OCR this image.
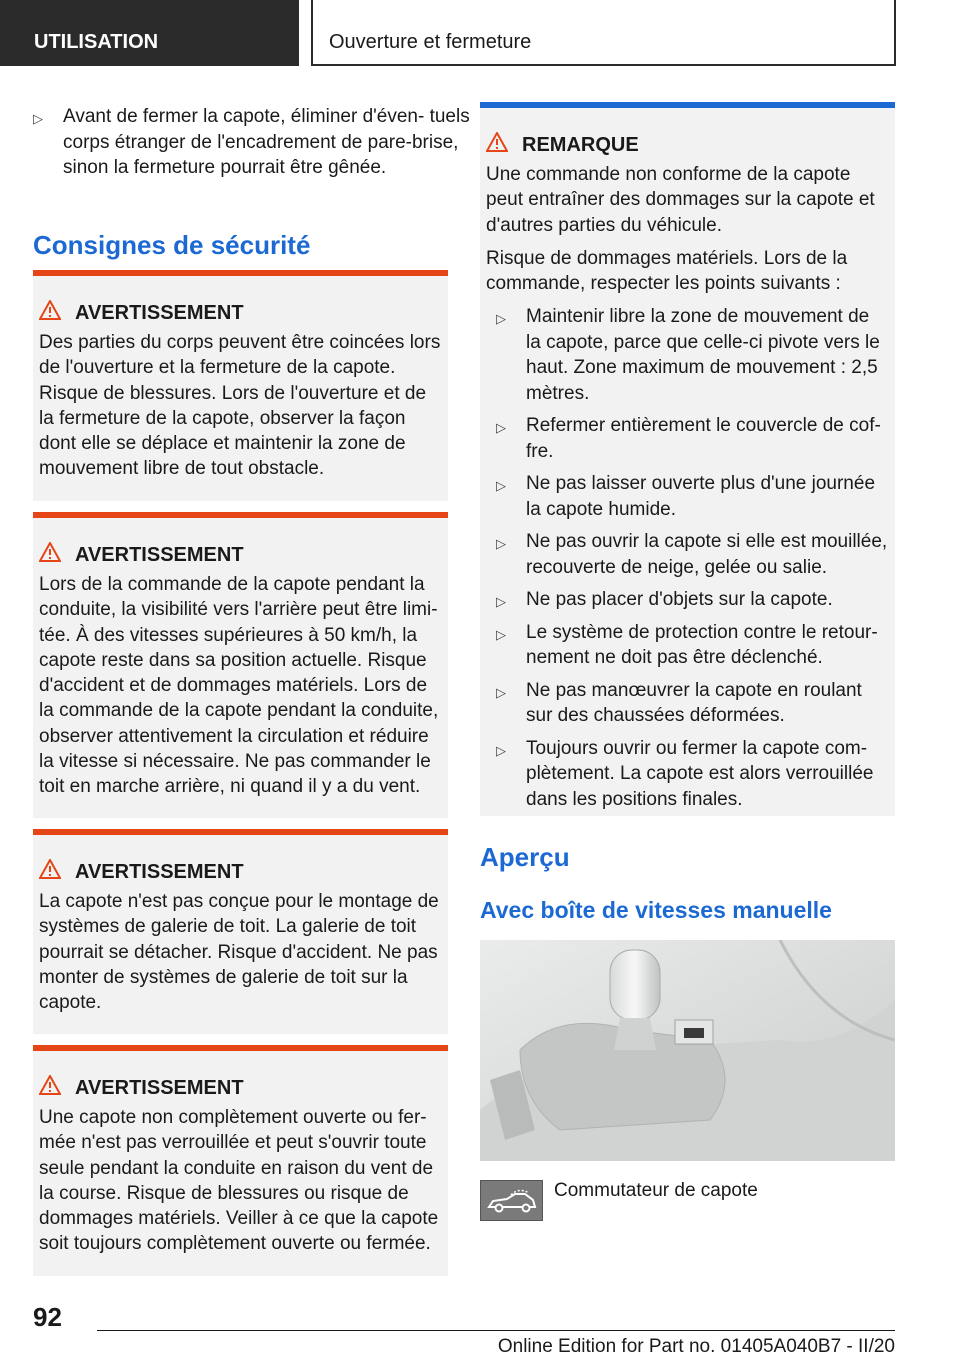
UTILISATION	Ouverture et fermeture
▷ Avant de fermer la capote, éliminer d'éven- tuels corps étranger de l'encadrement de pare-brise, sinon la fermeture pourrait être gênée.
Consignes de sécurité
AVERTISSEMENT

Des parties du corps peuvent être coincées lors de l'ouverture et la fermeture de la capote. Risque de blessures. Lors de l'ouverture et de la fermeture de la capote, observer la façon dont elle se déplace et maintenir la zone de mouvement libre de tout obstacle.

AVERTISSEMENT

Lors de la commande de la capote pendant la conduite, la visibilité vers l'arrière peut être limi- tée. À des vitesses supérieures à 50 km/h, la capote reste dans sa position actuelle. Risque d'accident et de dommages matériels. Lors de la commande de la capote pendant la conduite, observer attentivement la circulation et réduire la vitesse si nécessaire. Ne pas commander le toit en marche arrière, ni quand il y a du vent.

AVERTISSEMENT

La capote n'est pas conçue pour le montage de systèmes de galerie de toit. La galerie de toit pourrait se détacher. Risque d'accident. Ne pas monter de systèmes de galerie de toit sur la capote.

AVERTISSEMENT

Une capote non complètement ouverte ou fer- mée n'est pas verrouillée et peut s'ouvrir toute seule pendant la conduite en raison du vent de la course. Risque de blessures ou risque de dommages matériels. Veiller à ce que la capote soit toujours complètement ouverte ou fermée.

REMARQUE

Une commande non conforme de la capote peut entraîner des dommages sur la capote et d'autres parties du véhicule.

Risque de dommages matériels. Lors de la commande, respecter les points suivants :

▷ Maintenir libre la zone de mouvement de la capote, parce que celle-ci pivote vers le haut. Zone maximum de mouvement : 2,5 mètres.
▷ Refermer entièrement le couvercle de cof- fre.
▷ Ne pas laisser ouverte plus d'une journée la capote humide.
▷ Ne pas ouvrir la capote si elle est mouillée, recouverte de neige, gelée ou salie.
▷ Ne pas placer d'objets sur la capote.
▷ Le système de protection contre le retour- nement ne doit pas être déclenché.
▷ Ne pas manœuvrer la capote en roulant sur des chaussées déformées.
▷ Toujours ouvrir ou fermer la capote com- plètement. La capote est alors verrouillée dans les positions finales.
Aperçu
Avec boîte de vitesses manuelle
Commutateur de capote
92
Online Edition for Part no. 01405A040B7 - II/20
